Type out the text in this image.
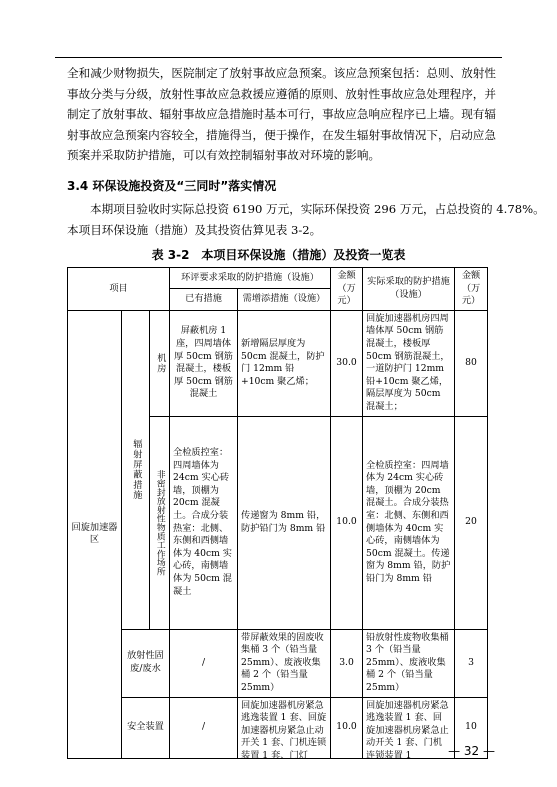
全和减少财物损失，医院制定了放射事故应急预案。该应急预案包括：总则、放射性
事故分类与分级，放射性事故应急救援应遵循的原则、放射性事故应急处理程序，并
制定了放射事故、辐射事故应急措施时基本可行，事故应急响应程序已上墙。现有辐
射事故应急预案内容较全，措施得当，便于操作，在发生辐射事故情况下，启动应急
预案并采取防护措施，可以有效控制辐射事故对环境的影响。

3.4 环保设施投资及“三同时”落实情况

本期项目验收时实际总投资 6190 万元，实际环保投资 296 万元，占总投资的 4.78%。
本项目环保设施（措施）及其投资估算见表 3-2。

表 3-2　本项目环保设施（措施）及投资一览表
项目			环评要求采取的防护措施（设施）		金额（万元）	实际采取的防护措施（设施）	金额（万元）
			已有措施	需增添措施（设施）			
回旋加速器区	辐射屏蔽措施	机房	屏蔽机房 1 座，四周墙体厚 50cm 钢筋混凝土，楼板厚 50cm 钢筋混凝土	新增隔层厚度为 50cm 混凝土，防护门 12mm 铅+10cm 聚乙烯；	30.0	回旋加速器机房四周墙体厚 50cm 钢筋混凝土，楼板厚 50cm 钢筋混凝土，一道防护门 12mm 铅+10cm 聚乙烯，隔层厚度为 50cm 混凝土；	80

		非密封放射性物质工作场所	全检质控室：四周墙体为 24cm 实心砖墙，顶棚为 20cm 混凝土。合成分装热室：北侧、东侧和西侧墙体为 40cm 实心砖，南侧墙体为 50cm 混凝土	传递窗为 8mm 铅，防护铅门为 8mm 铅	10.0	全检质控室：四周墙体为 24cm 实心砖墙，顶棚为 20cm 混凝土。合成分装热室：北侧、东侧和西侧墙体为 40cm 实心砖，南侧墙体为 50cm 混凝土。传递窗为 8mm 铅，防护铅门为 8mm 铅	20
	放射性固废/废水		/	带屏蔽效果的固废收集桶 3 个（铅当量 25mm）、废液收集桶 2 个（铅当量 25mm）	3.0	铅放射性废物收集桶 3 个（铅当量 25mm）、废液收集桶 2 个（铅当量 25mm）	3
	安全装置		/	回旋加速器机房紧急逃逸装置 1 套、回旋加速器机房紧急止动开关 1 套、门机连锁装置 1 套、门灯	10.0	回旋加速器机房紧急逃逸装置 1 套、回旋加速器机房紧急止动开关 1 套、门机连锁装置 1	10
— 32 —
